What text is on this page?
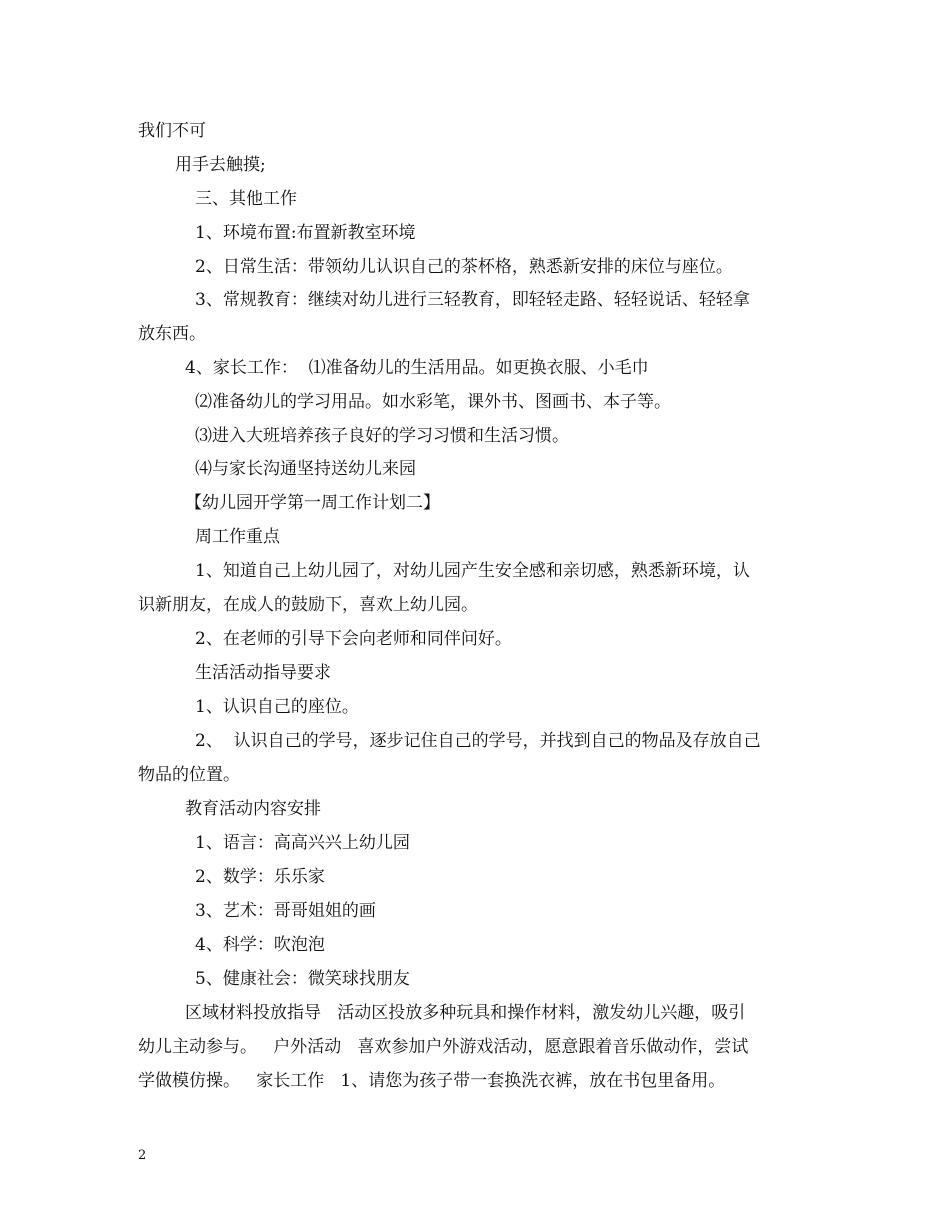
我们不可
用手去触摸;
三、其他工作
1、环境布置:布置新教室环境
2、日常生活：带领幼儿认识自己的茶杯格，熟悉新安排的床位与座位。
3、常规教育：继续对幼儿进行三轻教育，即轻轻走路、轻轻说话、轻轻拿
放东西。
4、家长工作：  ⑴准备幼儿的生活用品。如更换衣服、小毛巾
⑵准备幼儿的学习用品。如水彩笔，课外书、图画书、本子等。
⑶进入大班培养孩子良好的学习习惯和生活习惯。
⑷与家长沟通坚持送幼儿来园
【幼儿园开学第一周工作计划二】
周工作重点
1、知道自己上幼儿园了，对幼儿园产生安全感和亲切感，熟悉新环境，认
识新朋友，在成人的鼓励下，喜欢上幼儿园。
2、在老师的引导下会向老师和同伴问好。
生活活动指导要求
1、认识自己的座位。
2、  认识自己的学号，逐步记住自己的学号，并找到自己的物品及存放自己
物品的位置。
教育活动内容安排
1、语言：高高兴兴上幼儿园
2、数学：乐乐家
3、艺术：哥哥姐姐的画
4、科学：吹泡泡
5、健康社会：微笑球找朋友
区域材料投放指导   活动区投放多种玩具和操作材料，激发幼儿兴趣，吸引
幼儿主动参与。   户外活动   喜欢参加户外游戏活动，愿意跟着音乐做动作，尝试
学做模仿操。   家长工作   1、请您为孩子带一套换洗衣裤，放在书包里备用。
2
